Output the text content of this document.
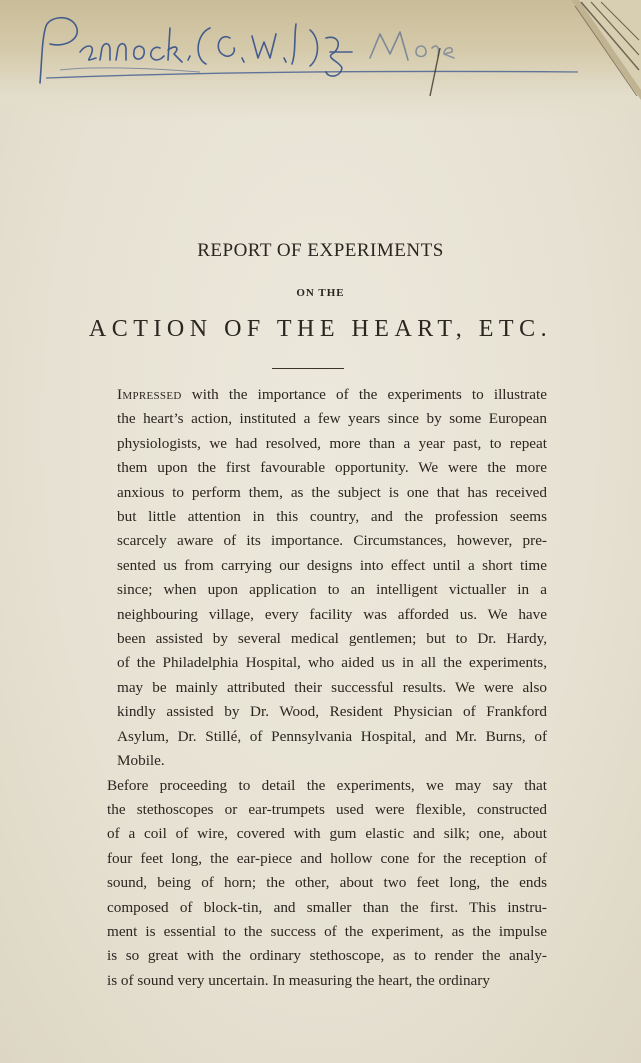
REPORT OF EXPERIMENTS
ON THE
ACTION OF THE HEART, ETC.

Impressed with the importance of the experiments to illustrate
the heart’s action, instituted a few years since by some European
physiologists, we had resolved, more than a year past, to repeat
them upon the first favourable opportunity. We were the more
anxious to perform them, as the subject is one that has received
but little attention in this country, and the profession seems
scarcely aware of its importance. Circumstances, however, pre-
sented us from carrying our designs into effect until a short time
since; when upon application to an intelligent victualler in a
neighbouring village, every facility was afforded us. We have
been assisted by several medical gentlemen; but to Dr. Hardy,
of the Philadelphia Hospital, who aided us in all the experiments,
may be mainly attributed their successful results. We were also
kindly assisted by Dr. Wood, Resident Physician of Frankford
Asylum, Dr. Stillé, of Pennsylvania Hospital, and Mr. Burns, of
Mobile.

Before proceeding to detail the experiments, we may say that
the stethoscopes or ear-trumpets used were flexible, constructed
of a coil of wire, covered with gum elastic and silk; one, about
four feet long, the ear-piece and hollow cone for the reception of
sound, being of horn; the other, about two feet long, the ends
composed of block-tin, and smaller than the first. This instru-
ment is essential to the success of the experiment, as the impulse
is so great with the ordinary stethoscope, as to render the analy-
is of sound very uncertain. In measuring the heart, the ordinary
